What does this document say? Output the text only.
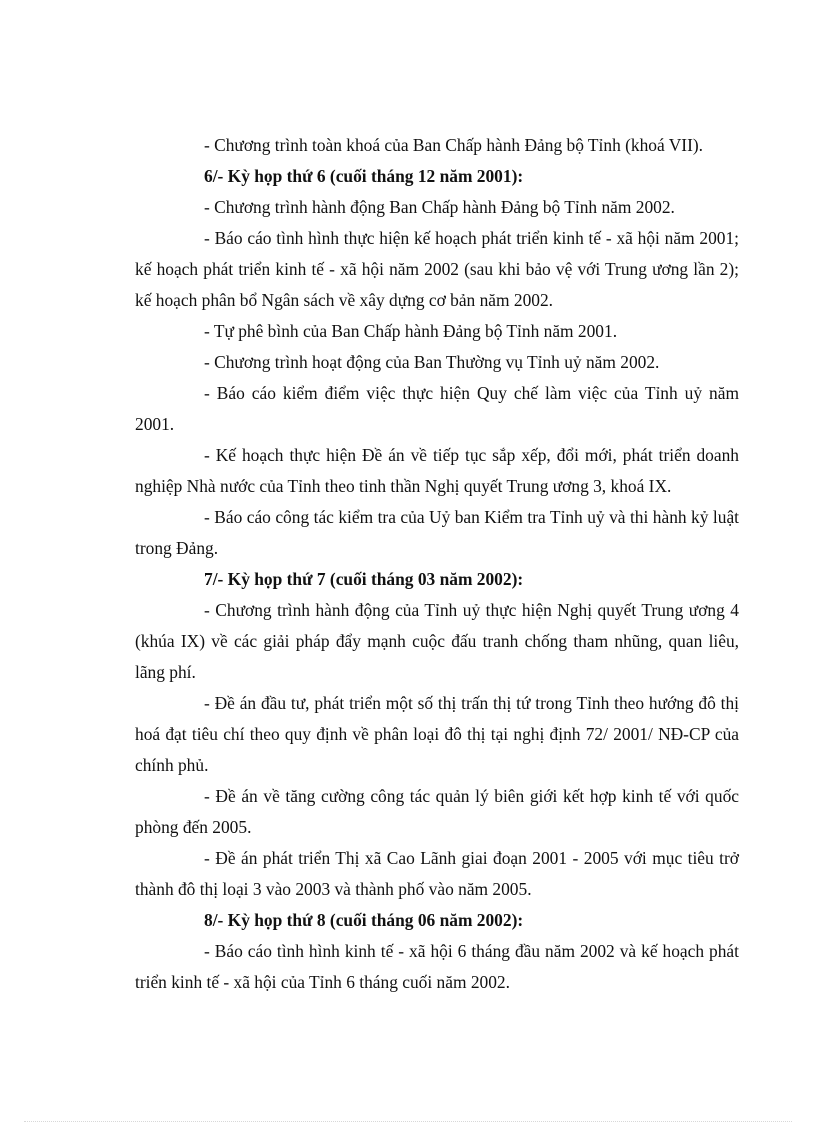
- Chương trình toàn khoá của Ban Chấp hành Đảng bộ Tỉnh (khoá VII).

6/- Kỳ họp thứ 6 (cuối tháng 12 năm 2001):

- Chương trình hành động Ban Chấp hành Đảng bộ Tỉnh năm 2002.

- Báo cáo tình hình thực hiện kế hoạch phát triển kinh tế - xã hội năm 2001; kế hoạch phát triển kinh tế - xã hội năm 2002 (sau khi bảo vệ với Trung ương lần 2); kế hoạch phân bổ Ngân sách về xây dựng cơ bản năm 2002.

- Tự phê bình của Ban Chấp hành Đảng bộ Tỉnh năm 2001.

- Chương trình hoạt động của Ban Thường vụ Tỉnh uỷ năm 2002.

- Báo cáo kiểm điểm việc thực hiện Quy chế làm việc của Tỉnh uỷ năm 2001.

- Kế hoạch thực hiện Đề án về tiếp tục sắp xếp, đổi mới, phát triển doanh nghiệp Nhà nước của Tỉnh theo tinh thần Nghị quyết Trung ương 3, khoá IX.

- Báo cáo công tác kiểm tra của Uỷ ban Kiểm tra Tỉnh uỷ và thi hành kỷ luật trong Đảng.

7/- Kỳ họp thứ 7 (cuối tháng 03 năm 2002):

- Chương trình hành động của Tỉnh uỷ thực hiện Nghị quyết Trung ương 4 (khúa IX) về các giải pháp đẩy mạnh cuộc đấu tranh chống tham nhũng, quan liêu, lãng phí.

- Đề án đầu tư, phát triển một số thị trấn thị tứ trong Tỉnh theo hướng đô thị hoá đạt tiêu chí theo quy định về phân loại đô thị tại nghị định 72/ 2001/ NĐ-CP của chính phủ.

- Đề án về tăng cường công tác quản lý biên giới kết hợp kinh tế với quốc phòng đến 2005.

- Đề án phát triển Thị xã Cao Lãnh giai đoạn 2001 - 2005 với mục tiêu trở thành đô thị loại 3 vào 2003 và thành phố vào năm 2005.

8/- Kỳ họp thứ 8 (cuối tháng 06 năm 2002):

- Báo cáo tình hình kinh tế - xã hội 6 tháng đầu năm 2002 và kế hoạch phát triển kinh tế - xã hội của Tỉnh 6 tháng cuối năm 2002.
